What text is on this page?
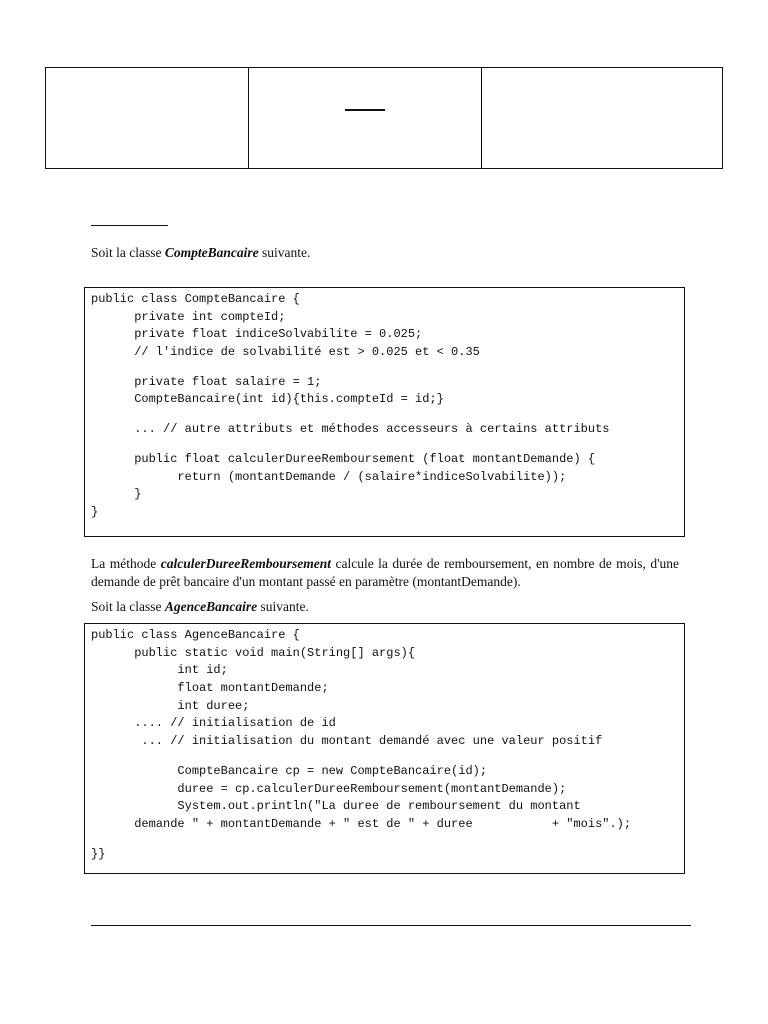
Soit la classe CompteBancaire suivante.

public class CompteBancaire {
private int compteId;
private float indiceSolvabilite = 0.025;
// l'indice de solvabilité est > 0.025 et < 0.35
private float salaire = 1;
CompteBancaire(int id){this.compteId = id;}
... // autre attributs et méthodes accesseurs à certains attributs
public float calculerDureeRemboursement (float montantDemande) {
return (montantDemande / (salaire*indiceSolvabilite));
}
}

La méthode calculerDureeRemboursement calcule la durée de remboursement, en nombre de mois, d'une demande de prêt bancaire d'un montant passé en paramètre (montantDemande).

Soit la classe AgenceBancaire suivante.

public class AgenceBancaire {
public static void main(String[] args){
int id;
float montantDemande;
int duree;
.... // initialisation de id
... // initialisation du montant demandé avec une valeur positif
CompteBancaire cp = new CompteBancaire(id);
duree = cp.calculerDureeRemboursement(montantDemande);
System.out.println("La duree de remboursement du montant
demande " + montantDemande + " est de " + duree           + "mois".);
}}
